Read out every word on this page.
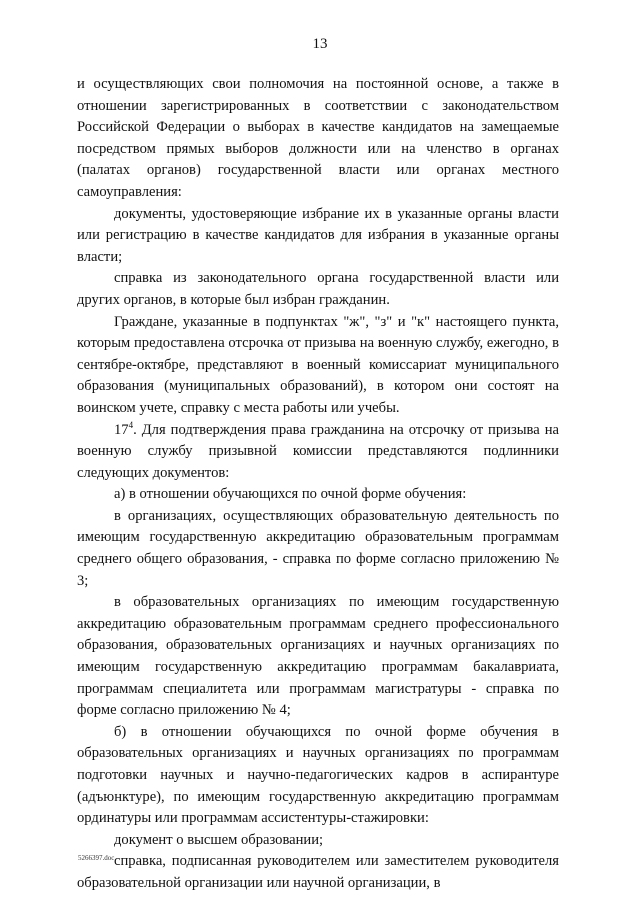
13

и осуществляющих свои полномочия на постоянной основе, а также в отношении зарегистрированных в соответствии с законодательством Российской Федерации о выборах в качестве кандидатов на замещаемые посредством прямых выборов должности или на членство в органах (палатах органов) государственной власти или органах местного самоуправления:

документы, удостоверяющие избрание их в указанные органы власти или регистрацию в качестве кандидатов для избрания в указанные органы власти;

справка из законодательного органа государственной власти или других органов, в которые был избран гражданин.

Граждане, указанные в подпунктах "ж", "з" и "к" настоящего пункта, которым предоставлена отсрочка от призыва на военную службу, ежегодно, в сентябре-октябре, представляют в военный комиссариат муниципального образования (муниципальных образований), в котором они состоят на воинском учете, справку с места работы или учебы.

$17^4$. Для подтверждения права гражданина на отсрочку от призыва на военную службу призывной комиссии представляются подлинники следующих документов:

а) в отношении обучающихся по очной форме обучения:

в организациях, осуществляющих образовательную деятельность по имеющим государственную аккредитацию образовательным программам среднего общего образования, - справка по форме согласно приложению № 3;

в образовательных организациях по имеющим государственную аккредитацию образовательным программам среднего профессионального образования, образовательных организациях и научных организациях по имеющим государственную аккредитацию программам бакалавриата, программам специалитета или программам магистратуры - справка по форме согласно приложению № 4;

б) в отношении обучающихся по очной форме обучения в образовательных организациях и научных организациях по программам подготовки научных и научно-педагогических кадров в аспирантуре (адъюнктуре), по имеющим государственную аккредитацию программам ординатуры или программам ассистентуры-стажировки:

документ о высшем образовании;

справка, подписанная руководителем или заместителем руководителя образовательной организации или научной организации, в

5266397.doc
